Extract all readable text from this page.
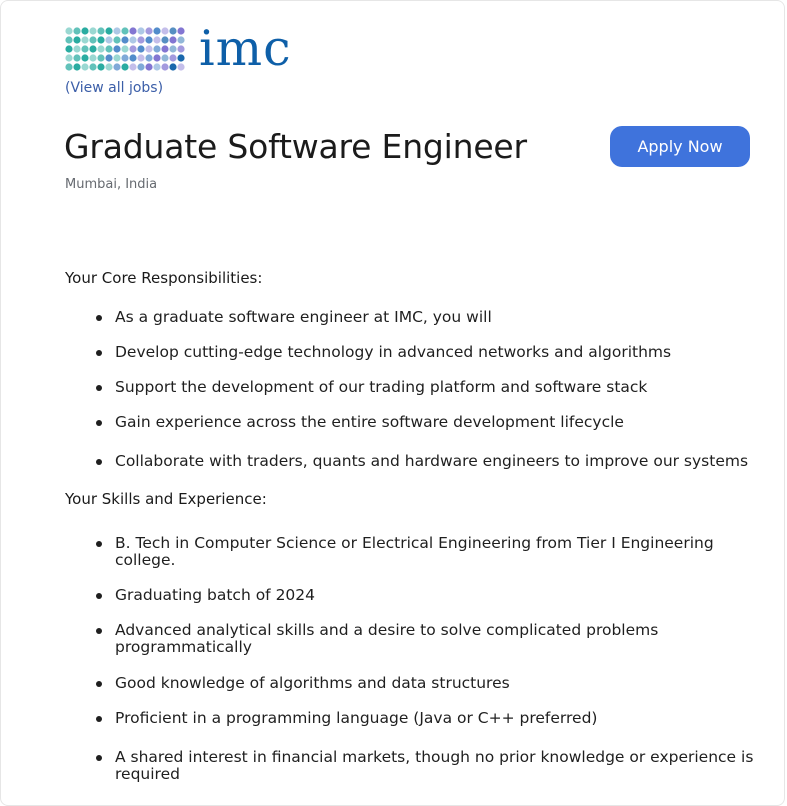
imc
(View all jobs)
Graduate Software Engineer
Mumbai, India
Apply Now
Your Core Responsibilities:
As a graduate software engineer at IMC, you will
Develop cutting-edge technology in advanced networks and algorithms
Support the development of our trading platform and software stack
Gain experience across the entire software development lifecycle
Collaborate with traders, quants and hardware engineers to improve our systems
Your Skills and Experience:
B. Tech in Computer Science or Electrical Engineering from Tier I Engineering college.
Graduating batch of 2024
Advanced analytical skills and a desire to solve complicated problems programmatically
Good knowledge of algorithms and data structures
Proficient in a programming language (Java or C++ preferred)
A shared interest in financial markets, though no prior knowledge or experience is required
